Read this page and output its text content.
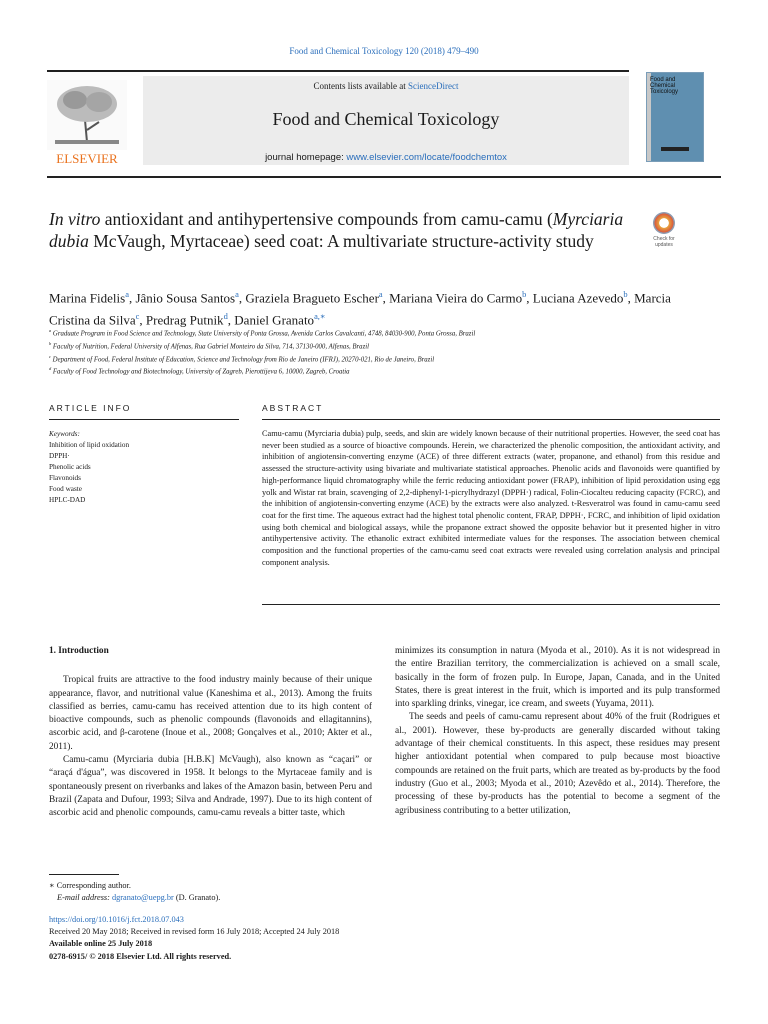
Food and Chemical Toxicology 120 (2018) 479–490
ELSEVIER
Contents lists available at ScienceDirect
Food and Chemical Toxicology
journal homepage: www.elsevier.com/locate/foodchemtox
Food and Chemical Toxicology
In vitro antioxidant and antihypertensive compounds from camu-camu (Myrciaria dubia McVaugh, Myrtaceae) seed coat: A multivariate structure-activity study	Check for updates
Marina Fidelis$^a$, Jânio Sousa Santos$^a$, Graziela Bragueto Escher$^a$, Mariana Vieira do Carmo$^b$, Luciana Azevedo$^b$, Marcia Cristina da Silva$^c$, Predrag Putnik$^d$, Daniel Granato$^{a,∗}$
$^a$ Graduate Program in Food Science and Technology, State University of Ponta Grossa, Avenida Carlos Cavalcanti, 4748, 84030-900, Ponta Grossa, Brazil
$^b$ Faculty of Nutrition, Federal University of Alfenas, Rua Gabriel Monteiro da Silva, 714, 37130-000, Alfenas, Brazil
$^c$ Department of Food, Federal Institute of Education, Science and Technology from Rio de Janeiro (IFRJ), 20270-021, Rio de Janeiro, Brazil
$^d$ Faculty of Food Technology and Biotechnology, University of Zagreb, Pierottijeva 6, 10000, Zagreb, Croatia
ARTICLE INFO
Keywords:
Inhibition of lipid oxidation
DPPH·
Phenolic acids
Flavonoids
Food waste
HPLC-DAD
ABSTRACT
Camu-camu (Myrciaria dubia) pulp, seeds, and skin are widely known because of their nutritional properties. However, the seed coat has never been studied as a source of bioactive compounds. Herein, we characterized the phenolic composition, the antioxidant activity, and inhibition of angiotensin-converting enzyme (ACE) of three different extracts (water, propanone, and ethanol) from this residue and assessed the structure-activity using bivariate and multivariate statistical approaches. Phenolic acids and flavonoids were quantified by high-performance liquid chromatography while the ferric reducing antioxidant power (FRAP), inhibition of lipid peroxidation using egg yolk and Wistar rat brain, scavenging of 2,2-diphenyl-1-picrylhydrazyl (DPPH·) radical, Folin-Ciocalteu reducing capacity (FCRC), and the inhibition of angiotensin-converting enzyme (ACE) by the extracts were also analyzed. t-Resveratrol was found in camu-camu seed coat for the first time. The aqueous extract had the highest total phenolic content, FRAP, DPPH·, FCRC, and inhibition of lipid oxidation using both chemical and biological assays, while the propanone extract showed the opposite behavior but it presented higher in vitro antihypertensive activity. The ethanolic extract exhibited intermediate values for the responses. The association between chemical composition and the functional properties of the camu-camu seed coat extracts were revealed using correlation analysis and principal component analysis.
1. Introduction

Tropical fruits are attractive to the food industry mainly because of their unique appearance, flavor, and nutritional value (Kaneshima et al., 2013). Among the fruits classified as berries, camu-camu has received attention due to its high content of bioactive compounds, such as phenolic compounds (flavonoids and ellagitannins), ascorbic acid, and β-carotene (Inoue et al., 2008; Gonçalves et al., 2010; Akter et al., 2011).

Camu-camu (Myrciaria dubia [H.B.K] McVaugh), also known as “caçari” or “araçá d'água”, was discovered in 1958. It belongs to the Myrtaceae family and is spontaneously present on riverbanks and lakes of the Amazon basin, between Peru and Brazil (Zapata and Dufour, 1993; Silva and Andrade, 1997). Due to its high content of ascorbic acid and phenolic compounds, camu-camu reveals a bitter taste, which

minimizes its consumption in natura (Myoda et al., 2010). As it is not widespread in the entire Brazilian territory, the commercialization is achieved on a small scale, basically in the form of frozen pulp. In Europe, Japan, Canada, and in the United States, there is great interest in the fruit, which is imported and its pulp transformed into sparkling drinks, vinegar, ice cream, and sweets (Yuyama, 2011).

The seeds and peels of camu-camu represent about 40% of the fruit (Rodrigues et al., 2001). However, these by-products are generally discarded without taking advantage of their chemical constituents. In this aspect, these residues may present higher antioxidant potential when compared to pulp because most bioactive compounds are retained on the fruit parts, which are treated as by-products by the food industry (Guo et al., 2003; Myoda et al., 2010; Azevêdo et al., 2014). Therefore, the processing of these by-products has the potential to become a segment of the agribusiness contributing to a better utilization,

∗ Corresponding author.
E-mail address: dgranato@uepg.br (D. Granato).
https://doi.org/10.1016/j.fct.2018.07.043
Received 20 May 2018; Received in revised form 16 July 2018; Accepted 24 July 2018
Available online 25 July 2018
0278-6915/ © 2018 Elsevier Ltd. All rights reserved.
